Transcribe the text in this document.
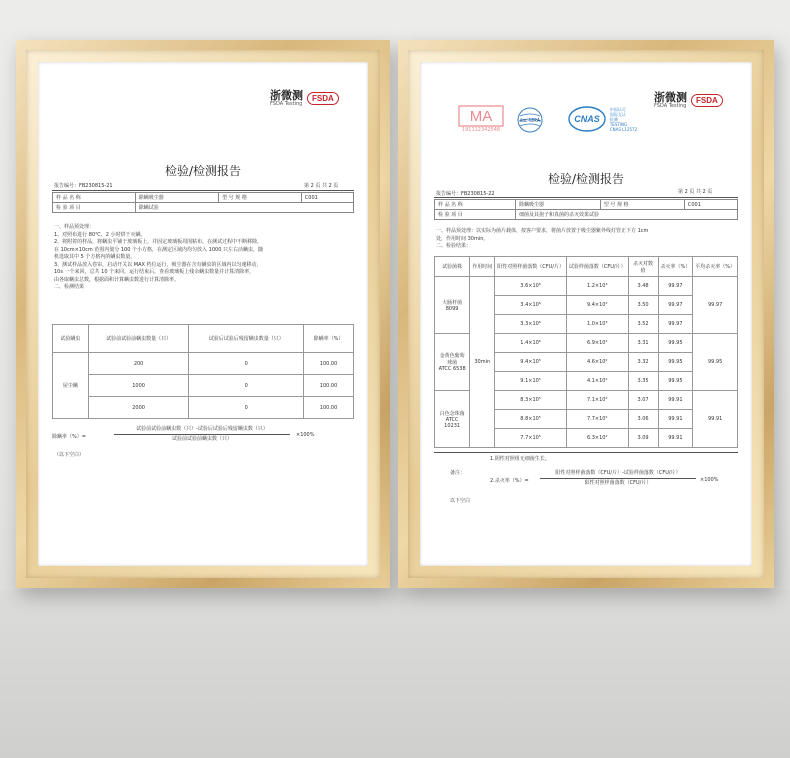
浙微测
FSDA Testing
FSDA
检验/检测报告
报告编号：FB230815-21	第 2 页 共 2 页
样 品 名 称	除螨吸尘器	型 号 规 格	C001
检 验 项 目	除螨试验		
一、样品预处理：
1、对照布进行 80℃、2 小时烘干灭螨。
2、将附着的样品，将螨虫平铺于玻璃板上，并固定玻璃板周围粘布，在测试过程中不断移除，
在 10cm×10cm 范围内划分 100 个小方格，在测定区域内均匀放入 1000 只左右活螨虫，随
机选取其中 5 个方格内的螨虫数量。
3、测试样品放入卷帘，启动开关以 MAX 档位运行，吸尘器在含有螨虫的区域内以匀速移动，
10s 一个来回，总共 10 个来回，运行结束后，查看玻璃板上残余螨虫数量并计算清除率，
由各取螨虫总数，根据面积计算螨虫数进行计算清除率。
二、检测结果
试验螨虫	试验前试验前螨虫数量（只）	试验后试验后残留螨虫数量（只）	除螨率（%）
屋尘螨	200	0	100.00
	1000	0	100.00
	2000	0	100.00
除螨率（%）=
试验前试验前螨虫数（只）-试验后试验后残留螨虫数（只）
试验前试验前螨虫数（只）
×100%
（以下空白）
MA
191112342548
ilac-MRA	CNAS
中国认可
国际互认
检测
TESTING
CNAS L12572
浙微测
FSDA Testing
FSDA
检验/检测报告
报告编号：FB230815-22	第 2 页 共 2 页
样 品 名 称	除螨吸尘器	型 号 规 格	C001
检 验 项 目	细菌及其孢子和真菌的杀灭效果试验		
一、样品预处理：以实际为菌片载体，按客户要求，将菌片放置于吸尘器紫外线灯管正下方 1cm
处，作用时间 30min。
二、检验结果：
试验菌株	作用时间	阳性对照样菌落数（CFU/片）	试验样菌落数（CFU/片）	杀灭对数值	杀灭率（%）	平均杀灭率（%）

大肠杆菌
8099	30min	3.6×10⁶	1.2×10³	3.48	99.97	99.97
		3.4×10⁶	9.4×10²	3.50	99.97	
		3.3×10⁶	1.0×10³	3.52	99.97	

金黄色葡萄
球菌
ATCC 6538		1.4×10⁶	6.9×10²	3.31	99.95	99.95
		9.4×10⁵	4.6×10²	3.32	99.95	
		9.1×10⁵	4.1×10²	3.35	99.95	

白色念珠菌
ATCC 10231		8.3×10⁵	7.1×10²	3.07	99.91	99.91
		8.8×10⁵	7.7×10²	3.06	99.91	
		7.7×10⁵	6.3×10²	3.09	99.91	
1.阴性对照组无细菌生长。
备注：
2.杀灭率（%）=
阳性对照样菌落数（CFU/片）-试验样菌落数（CFU/片）
阳性对照样菌落数（CFU/片）	×100%
以下空白
